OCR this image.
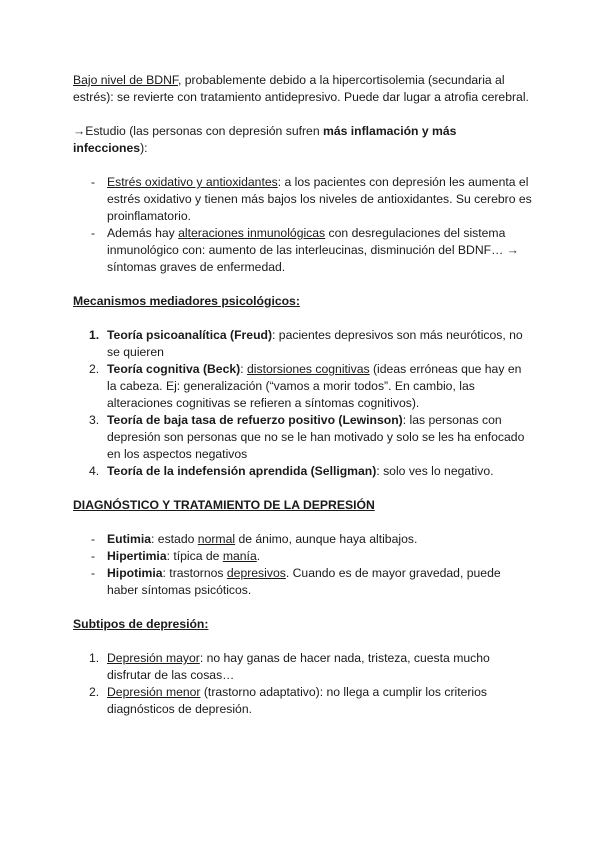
Bajo nivel de BDNF, probablemente debido a la hipercortisolemia (secundaria al estrés): se revierte con tratamiento antidepresivo. Puede dar lugar a atrofia cerebral.

→Estudio (las personas con depresión sufren más inflamación y más infecciones):

- Estrés oxidativo y antioxidantes: a los pacientes con depresión les aumenta el estrés oxidativo y tienen más bajos los niveles de antioxidantes. Su cerebro es proinflamatorio.
- Además hay alteraciones inmunológicas con desregulaciones del sistema inmunológico con: aumento de las interleucinas, disminución del BDNF… → síntomas graves de enfermedad.

Mecanismos mediadores psicológicos:

1. Teoría psicoanalítica (Freud): pacientes depresivos son más neuróticos, no se quieren
2. Teoría cognitiva (Beck): distorsiones cognitivas (ideas erróneas que hay en la cabeza. Ej: generalización (“vamos a morir todos”. En cambio, las alteraciones cognitivas se refieren a síntomas cognitivos).
3. Teoría de baja tasa de refuerzo positivo (Lewinson): las personas con depresión son personas que no se le han motivado y solo se les ha enfocado en los aspectos negativos
4. Teoría de la indefensión aprendida (Selligman): solo ves lo negativo.

DIAGNÓSTICO Y TRATAMIENTO DE LA DEPRESIÓN

- Eutimia: estado normal de ánimo, aunque haya altibajos.
- Hipertimia: típica de manía.
- Hipotimia: trastornos depresivos. Cuando es de mayor gravedad, puede haber síntomas psicóticos.

Subtipos de depresión:

1. Depresión mayor: no hay ganas de hacer nada, tristeza, cuesta mucho disfrutar de las cosas…
2. Depresión menor (trastorno adaptativo): no llega a cumplir los criterios diagnósticos de depresión.
